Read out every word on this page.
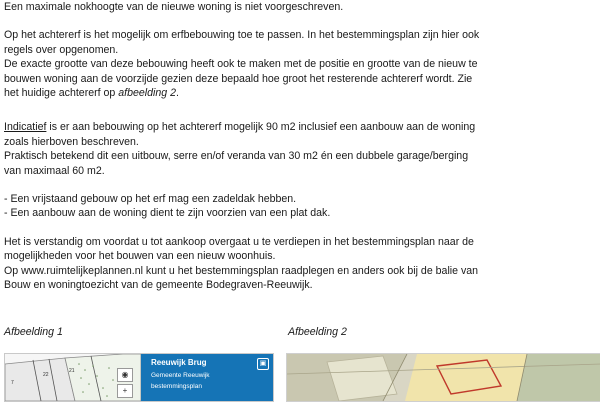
Een maximale nokhoogte van de nieuwe woning is niet voorgeschreven.

Op het achtererf is het mogelijk om erfbebouwing toe te passen. In het bestemmingsplan zijn hier ook

regels over opgenomen.

De exacte grootte van deze bebouwing heeft ook te maken met de positie en grootte van de nieuw te

bouwen woning aan de voorzijde gezien deze bepaald hoe groot het resterende achtererf wordt. Zie

het huidige achtererf op afbeelding 2.

Indicatief is er aan bebouwing op het achtererf mogelijk 90 m2 inclusief een aanbouw aan de woning

zoals hierboven beschreven.

Praktisch betekend dit een uitbouw, serre en/of veranda van 30 m2 én een dubbele garage/berging

van maximaal 60 m2.

- Een vrijstaand gebouw op het erf mag een zadeldak hebben.

- Een aanbouw aan de woning dient te zijn voorzien van een plat dak.

Het is verstandig om voordat u tot aankoop overgaat u te verdiepen in het bestemmingsplan naar de

mogelijkheden voor het bouwen van een nieuw woonhuis.

Op www.ruimtelijkeplannen.nl kunt u het bestemmingsplan raadplegen en anders ook bij de balie van

Bouw en woningtoezicht van de gemeente Bodegraven-Reeuwijk.

Afbeelding 1	Afbeelding 2
7
22
21	◉
+
Reeuwijk Brug
Gemeente Reeuwijk
bestemmingsplan
▣
